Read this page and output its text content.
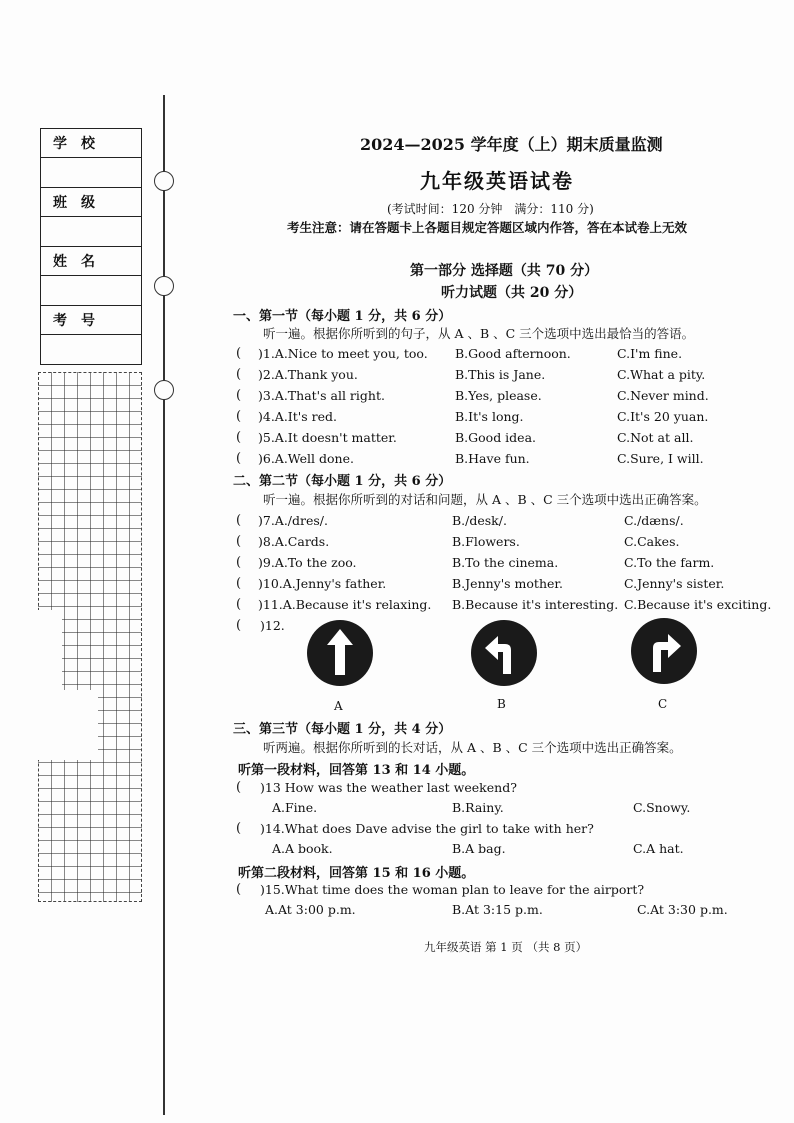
学　校
班　级
姓　名
考　号
2024—2025 学年度（上）期末质量监测
九年级英语试卷
(考试时间：120 分钟　满分：110 分)
考生注意：请在答题卡上各题目规定答题区域内作答，答在本试卷上无效
第一部分 选择题（共 70 分）
听力试题（共 20 分）
一、第一节（每小题 1 分，共 6 分）
听一遍。根据你所听到的句子，从 A 、B 、C 三个选项中选出最恰当的答语。
( )1.A.Nice to meet you, too. B.Good afternoon.	C.I'm fine.
( )2.A.Thank you.	B.This is Jane.	C.What a pity.
( )3.A.That's all right.	B.Yes, please.	C.Never mind.
( )4.A.It's red.	B.It's long.	C.It's 20 yuan.
( )5.A.It doesn't matter.	B.Good idea.	C.Not at all.
( )6.A.Well done.	B.Have fun.	C.Sure, I will.
二、第二节（每小题 1 分，共 6 分）
听一遍。根据你所听到的对话和问题，从 A 、B 、C 三个选项中选出正确答案。
( )7.A./dres/.	B./desk/.	C./dæns/.
( )8.A.Cards.	B.Flowers.	C.Cakes.
( )9.A.To the zoo.	B.To the cinema.	C.To the farm.
( )10.A.Jenny's father.	B.Jenny's mother.	C.Jenny's sister.
( )11.A.Because it's relaxing. B.Because it's interesting. C.Because it's exciting.
( )12.
A	B	C
三、第三节（每小题 1 分，共 4 分）
听两遍。根据你所听到的长对话，从 A 、B 、C 三个选项中选出正确答案。
听第一段材料，回答第 13 和 14 小题。
( )13 How was the weather last weekend?
A.Fine.	B.Rainy.	C.Snowy.
( )14.What does Dave advise the girl to take with her?
A.A book.	B.A bag.	C.A hat.
听第二段材料，回答第 15 和 16 小题。
( )15.What time does the woman plan to leave for the airport?
A.At 3:00 p.m.	B.At 3:15 p.m.	C.At 3:30 p.m.
九年级英语 第 1 页 （共 8 页）
